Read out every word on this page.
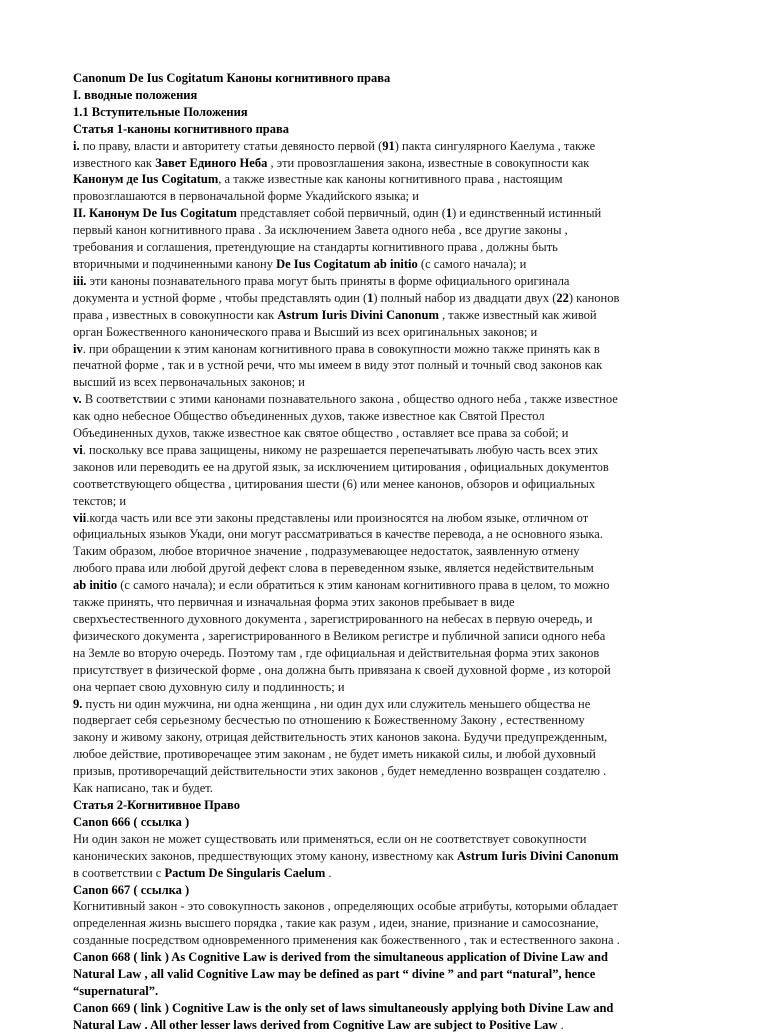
Canonum De Ius Cogitatum Каноны когнитивного права
I. вводные положения
1.1 Вступительные Положения
Статья 1-каноны когнитивного права
i. по праву, власти и авторитету статьи девяносто первой (91) пакта сингулярного Каелума , также
известного как Завет Единого Неба , эти провозглашения закона, известные в совокупности как
Канонум де Ius Cogitatum, а также известные как каноны когнитивного права , настоящим
провозглашаются в первоначальной форме Укадийского языка; и
II. Канонум De Ius Cogitatum представляет собой первичный, один (1) и единственный истинный
первый канон когнитивного права . За исключением Завета одного неба , все другие законы ,
требования и соглашения, претендующие на стандарты когнитивного права , должны быть
вторичными и подчиненными канону De Ius Cogitatum ab initio (с самого начала); и
iii. эти каноны познавательного права могут быть приняты в форме официального оригинала
документа и устной форме , чтобы представлять один (1) полный набор из двадцати двух (22) канонов
права , известных в совокупности как Astrum Iuris Divini Canonum , также известный как живой
орган Божественного канонического права и Высший из всех оригинальных законов; и
iv. при обращении к этим канонам когнитивного права в совокупности можно также принять как в
печатной форме , так и в устной речи, что мы имеем в виду этот полный и точный свод законов как
высший из всех первоначальных законов; и
v. В соответствии с этими канонами познавательного закона , общество одного неба , также известное
как одно небесное Общество объединенных духов, также известное как Святой Престол
Объединенных духов, также известное как святое общество , оставляет все права за собой; и
vi. поскольку все права защищены, никому не разрешается перепечатывать любую часть всех этих
законов или переводить ее на другой язык, за исключением цитирования , официальных документов
соответствующего общества , цитирования шести (6) или менее канонов, обзоров и официальных
текстов; и
vii.когда часть или все эти законы представлены или произносятся на любом языке, отличном от
официальных языков Укади, они могут рассматриваться в качестве перевода, а не основного языка.
Таким образом, любое вторичное значение , подразумевающее недостаток, заявленную отмену
любого права или любой другой дефект слова в переведенном языке, является недействительным
ab initio (с самого начала); и если обратиться к этим канонам когнитивного права в целом, то можно
также принять, что первичная и изначальная форма этих законов пребывает в виде
сверхъестественного духовного документа , зарегистрированного на небесах в первую очередь, и
физического документа , зарегистрированного в Великом регистре и публичной записи одного неба
на Земле во вторую очередь. Поэтому там , где официальная и действительная форма этих законов
присутствует в физической форме , она должна быть привязана к своей духовной форме , из которой
она черпает свою духовную силу и подлинность; и
9. пусть ни один мужчина, ни одна женщина , ни один дух или служитель меньшего общества не
подвергает себя серьезному бесчестью по отношению к Божественному Закону , естественному
закону и живому закону, отрицая действительность этих канонов закона. Будучи предупрежденным,
любое действие, противоречащее этим законам , не будет иметь никакой силы, и любой духовный
призыв, противоречащий действительности этих законов , будет немедленно возвращен создателю .
Как написано, так и будет.
Статья 2-Когнитивное Право
Canon 666 ( ссылка )
Ни один закон не может существовать или применяться, если он не соответствует совокупности
канонических законов, предшествующих этому канону, известному как Astrum Iuris Divini Canonum
в соответствии с Pactum De Singularis Caelum .
Canon 667 ( ссылка )
Когнитивный закон - это совокупность законов , определяющих особые атрибуты, которыми обладает
определенная жизнь высшего порядка , такие как разум , идеи, знание, признание и самосознание,
созданные посредством одновременного применения как божественного , так и естественного закона .
Canon 668 ( link ) As Cognitive Law is derived from the simultaneous application of Divine Law and
Natural Law , all valid Cognitive Law may be defined as part “ divine ” and part “natural”, hence
“supernatural”.
Canon 669 ( link ) Cognitive Law is the only set of laws simultaneously applying both Divine Law and
Natural Law . All other lesser laws derived from Cognitive Law are subject to Positive Law .
